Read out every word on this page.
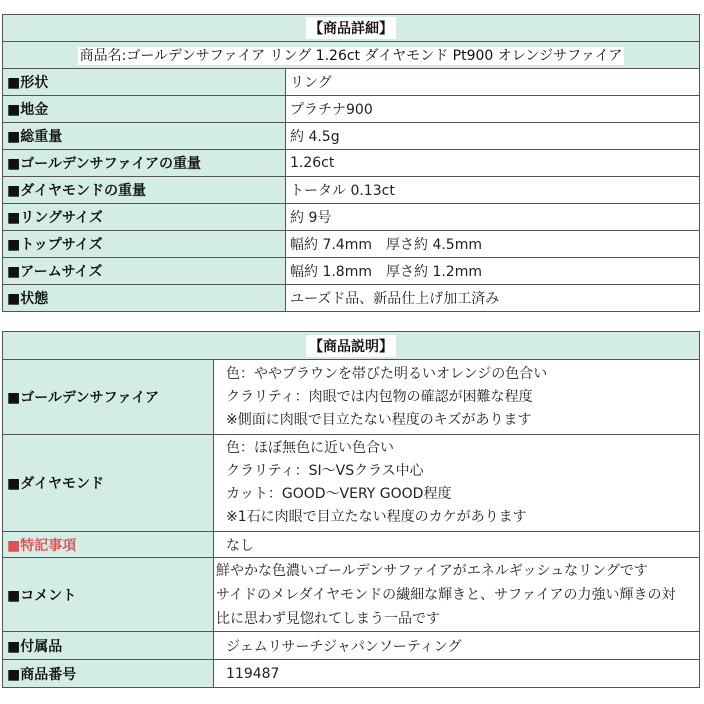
【商品詳細】	
商品名:ゴールデンサファイア リング 1.26ct ダイヤモンド Pt900 オレンジサファイア	
■形状	リング
■地金	プラチナ900
■総重量	約 4.5g
■ゴールデンサファイアの重量	1.26ct
■ダイヤモンドの重量	トータル 0.13ct
■リングサイズ	約 9号
■トップサイズ	幅約 7.4mm　厚さ約 4.5mm
■アームサイズ	幅約 1.8mm　厚さ約 1.2mm
■状態	ユーズド品、新品仕上げ加工済み
【商品説明】	
■ゴールデンサファイア	色：ややブラウンを帯びた明るいオレンジの色合い
クラリティ：肉眼では内包物の確認が困難な程度
※側面に肉眼で目立たない程度のキズがあります

■ダイヤモンド	色：ほぼ無色に近い色合い
クラリティ：SI～VSクラス中心
カット：GOOD～VERY GOOD程度
※1石に肉眼で目立たない程度のカケがあります

■特記事項	なし
■コメント	鮮やかな色濃いゴールデンサファイアがエネルギッシュなリングです
サイドのメレダイヤモンドの繊細な輝きと、サファイアの力強い輝きの対
比に思わず見惚れてしまう一品です

■付属品	ジェムリサーチジャパンソーティング
■商品番号	119487
